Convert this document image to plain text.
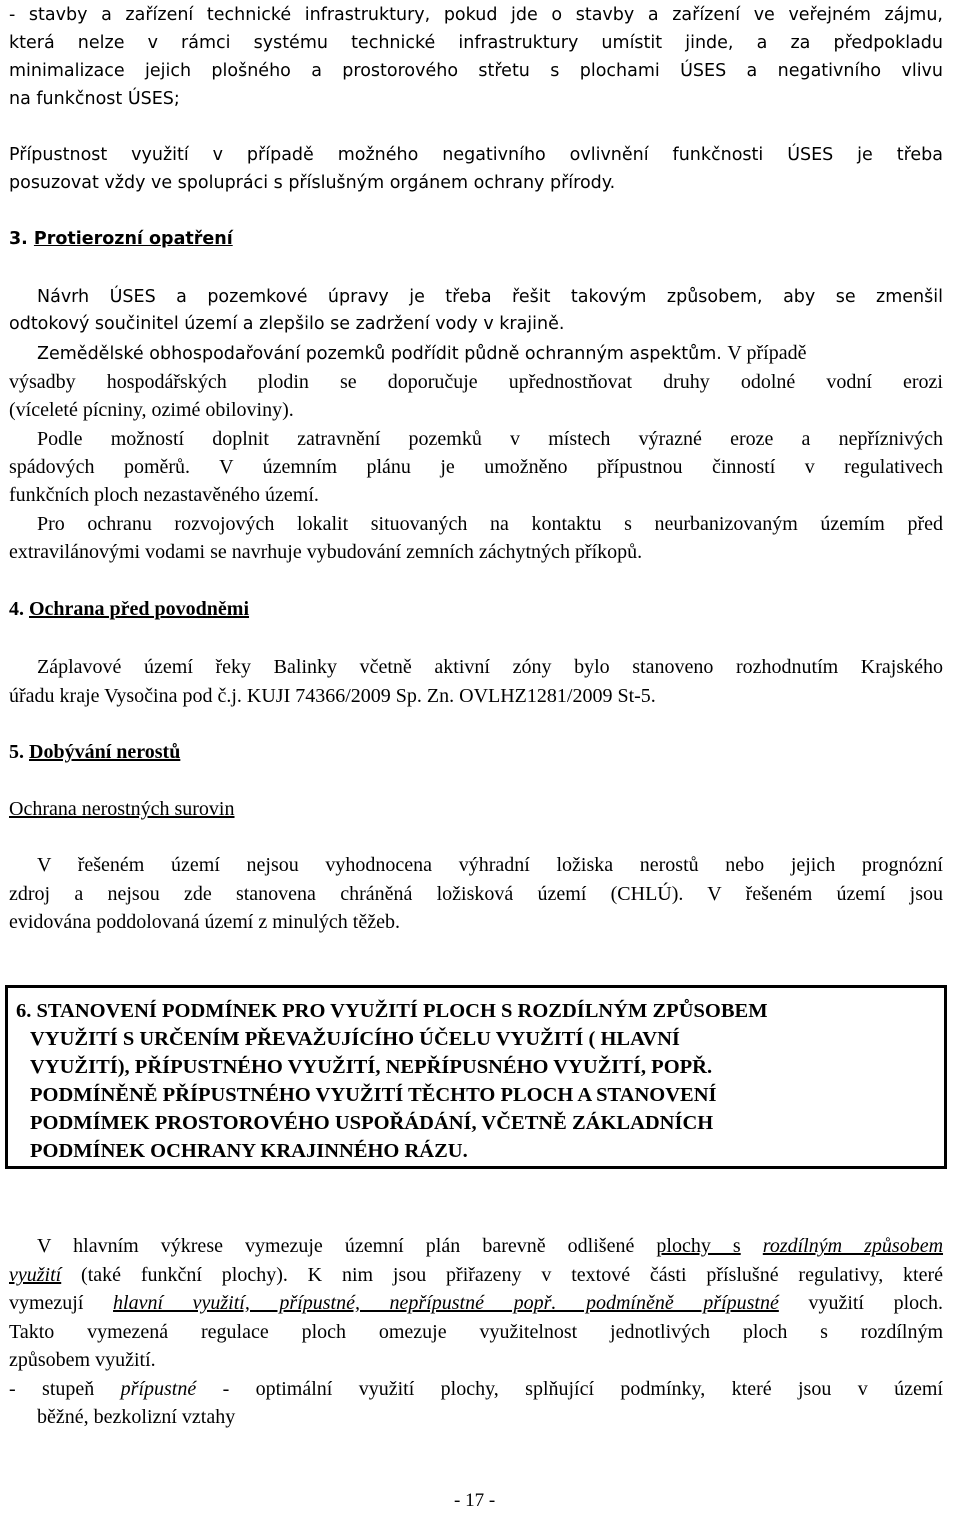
- stavby a zařízení technické infrastruktury, pokud jde o stavby a zařízení ve veřejném zájmu,
která nelze v rámci systému technické infrastruktury umístit jinde, a za předpokladu
minimalizace jejich plošného a prostorového střetu s plochami ÚSES a negativního vlivu
na funkčnost ÚSES;
Přípustnost využití v případě možného negativního ovlivnění funkčnosti ÚSES je třeba
posuzovat vždy ve spolupráci s příslušným orgánem ochrany přírody.
3. Protierozní opatření
Návrh ÚSES a pozemkové úpravy je třeba řešit takovým způsobem, aby se zmenšil
odtokový součinitel území a zlepšilo se zadržení vody v krajině.
Zemědělské obhospodařování pozemků podřídit půdně ochranným aspektům. V případě
výsadby hospodářských plodin se doporučuje upřednostňovat druhy odolné vodní erozi
(víceleté pícniny, ozimé obiloviny).
Podle možností doplnit zatravnění pozemků v místech výrazné eroze a nepříznivých
spádových poměrů. V územním plánu je umožněno přípustnou činností v regulativech
funkčních ploch nezastavěného území.
Pro ochranu rozvojových lokalit situovaných na kontaktu s neurbanizovaným územím před
extravilánovými vodami se navrhuje vybudování zemních záchytných příkopů.
4. Ochrana před povodněmi
Záplavové území řeky Balinky včetně aktivní zóny bylo stanoveno rozhodnutím Krajského
úřadu kraje Vysočina pod č.j. KUJI 74366/2009 Sp. Zn. OVLHZ1281/2009 St-5.
5. Dobývání nerostů
Ochrana nerostných surovin
V řešeném území nejsou vyhodnocena výhradní ložiska nerostů nebo jejich prognózní
zdroj a nejsou zde stanovena chráněná ložisková území (CHLÚ). V řešeném území jsou
evidována poddolovaná území z minulých těžeb.
6. STANOVENÍ PODMÍNEK PRO VYUŽITÍ PLOCH S ROZDÍLNÝM ZPŮSOBEM
VYUŽITÍ S URČENÍM PŘEVAŽUJÍCÍHO ÚČELU VYUŽITÍ ( HLAVNÍ
VYUŽITÍ), PŘÍPUSTNÉHO VYUŽITÍ, NEPŘÍPUSNÉHO VYUŽITÍ, POPŘ.
PODMÍNĚNĚ PŘÍPUSTNÉHO VYUŽITÍ TĚCHTO PLOCH A STANOVENÍ
PODMÍMEK PROSTOROVÉHO USPOŘÁDÁNÍ, VČETNĚ ZÁKLADNÍCH
PODMÍNEK OCHRANY KRAJINNÉHO RÁZU.
V hlavním výkrese vymezuje územní plán barevně odlišené plochy s rozdílným způsobem
využití (také funkční plochy). K nim jsou přiřazeny v textové části příslušné regulativy, které
vymezují hlavní využití, přípustné, nepřípustné popř. podmíněně přípustné využití ploch.
Takto vymezená regulace ploch omezuje využitelnost jednotlivých ploch s rozdílným
způsobem využití.
- stupeň přípustné - optimální využití plochy, splňující podmínky, které jsou v území
běžné, bezkolizní vztahy
- 17 -
